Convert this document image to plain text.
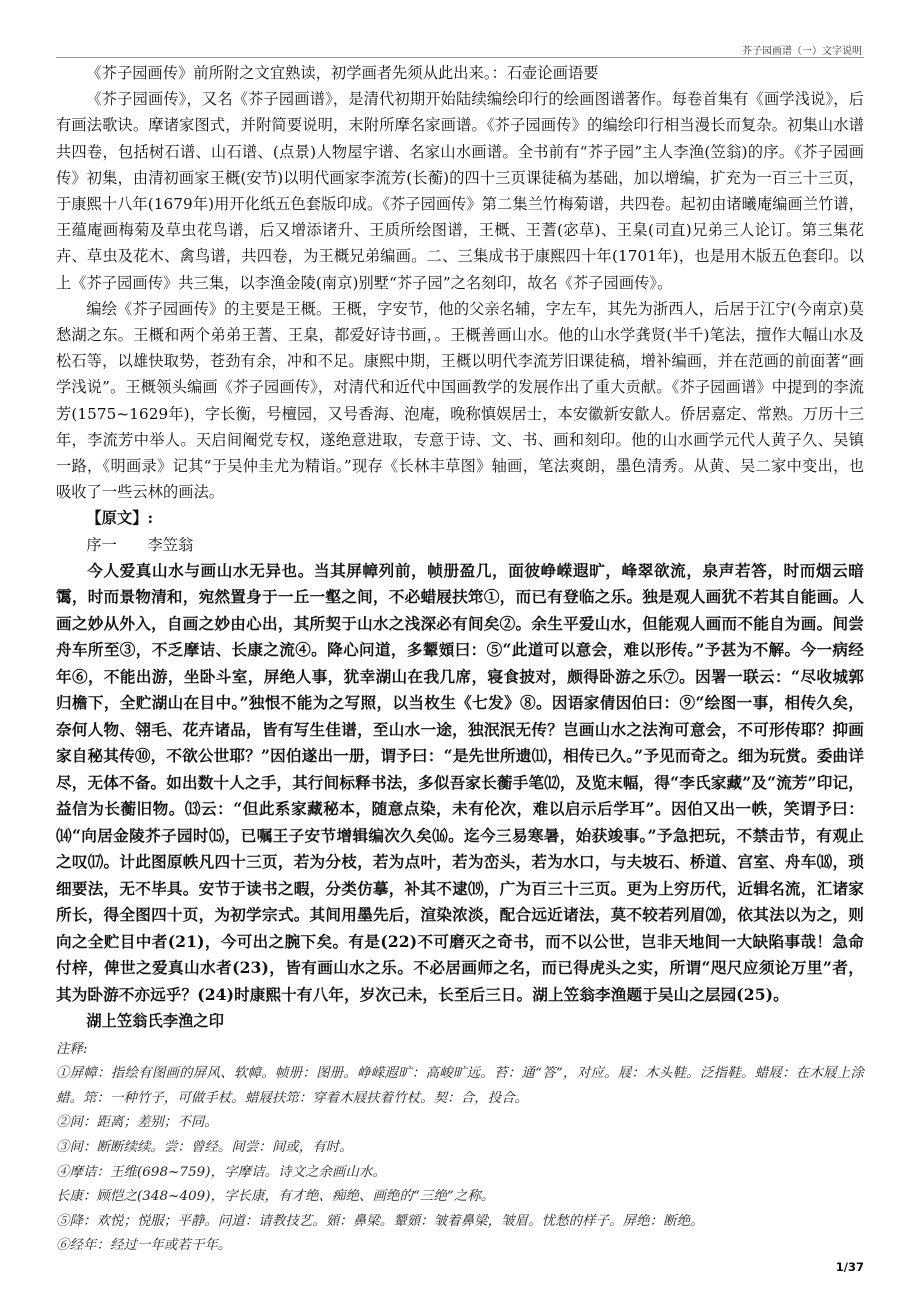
芥子园画谱（一）文字说明

《芥子园画传》前所附之文宜熟读，初学画者先须从此出来。：石壶论画语要

《芥子园画传》，又名《芥子园画谱》，是清代初期开始陆续编绘印行的绘画图谱著作。每卷首集有《画学浅说》，后有画法歌诀。摩诸家图式，并附简要说明，末附所摩名家画谱。《芥子园画传》的编绘印行相当漫长而复杂。初集山水谱共四卷，包括树石谱、山石谱、(点景)人物屋宇谱、名家山水画谱。全书前有“芥子园”主人李渔(笠翁)的序。《芥子园画传》初集，由清初画家王概(安节)以明代画家李流芳(长蘅)的四十三页课徒稿为基础，加以增编，扩充为一百三十三页，于康熙十八年(1679年)用开化纸五色套版印成。《芥子园画传》第二集兰竹梅菊谱，共四卷。起初由诸曦庵编画兰竹谱，王蕴庵画梅菊及草虫花鸟谱，后又增添诸升、王质所绘图谱，王概、王蓍(宓草)、王臬(司直)兄弟三人论订。第三集花卉、草虫及花木、禽鸟谱，共四卷，为王概兄弟编画。二、三集成书于康熙四十年(1701年)，也是用木版五色套印。以上《芥子园画传》共三集，以李渔金陵(南京)别墅“芥子园”之名刻印，故名《芥子园画传》。

编绘《芥子园画传》的主要是王概。王概，字安节，他的父亲名辅，字左车，其先为浙西人，后居于江宁(今南京)莫愁湖之东。王概和两个弟弟王蓍、王臬，都爱好诗书画，。王概善画山水。他的山水学龚贤(半千)笔法，擅作大幅山水及松石等，以雄快取势，苍劲有余，冲和不足。康熙中期，王概以明代李流芳旧课徒稿，增补编画，并在范画的前面著“画学浅说”。王概领头编画《芥子园画传》，对清代和近代中国画教学的发展作出了重大贡献。《芥子园画谱》中提到的李流芳(1575~1629年)，字长衡，号檀园，又号香海、泡庵，晚称慎娱居士，本安徽新安歙人。侨居嘉定、常熟。万历十三年，李流芳中举人。天启间阉党专权，遂绝意进取，专意于诗、文、书、画和刻印。他的山水画学元代人黄子久、吴镇一路，《明画录》记其“于吴仲圭尤为精诣。”现存《长林丰草图》轴画，笔法爽朗，墨色清秀。从黄、吴二家中变出，也吸收了一些云林的画法。

【原文】:

序一　　李笠翁

今人爱真山水与画山水无异也。当其屏幛列前，帧册盈几，面彼峥嵘遐旷，峰翠欲流，泉声若答，时而烟云暗霭，时而景物清和，宛然置身于一丘一壑之间，不必蜡屐扶筇①，而已有登临之乐。独是观人画犹不若其自能画。人画之妙从外入，自画之妙由心出，其所契于山水之浅深必有间矣②。余生平爱山水，但能观人画而不能自为画。间尝舟车所至③，不乏摩诘、长康之流④。降心问道，多颦頞曰：⑤“此道可以意会，难以形传。”予甚为不解。今一病经年⑥，不能出游，坐卧斗室，屏绝人事，犹幸湖山在我几席，寝食披对，颇得卧游之乐⑦。因署一联云：“尽收城郭归檐下，全贮湖山在目中。”独恨不能为之写照，以当枚生《七发》⑧。因语家倩因伯曰：⑨“绘图一事，相传久矣，奈何人物、翎毛、花卉诸品，皆有写生佳谱，至山水一途，独泯泯无传？岂画山水之法洵可意会，不可形传耶？抑画家自秘其传⑩，不欲公世耶？”因伯遂出一册，谓予曰：“是先世所遗⑾，相传已久。”予见而奇之。细为玩赏。委曲详尽，无体不备。如出数十人之手，其行间标释书法，多似吾家长蘅手笔⑿，及览末幅，得“李氏家藏”及“流芳”印记，益信为长蘅旧物。⒀云：“但此系家藏秘本，随意点染，未有伦次，难以启示后学耳”。因伯又出一帙，笑谓予曰：⒁“向居金陵芥子园时⒂，已嘱王子安节增辑编次久矣⒃。迄今三易寒暑，始获竣事。”予急把玩，不禁击节，有观止之叹⒄。计此图原帙凡四十三页，若为分枝，若为点叶，若为峦头，若为水口，与夫坡石、桥道、宫室、舟车⒅，琐细要法，无不毕具。安节于读书之暇，分类仿摹，补其不逮⒆，广为百三十三页。更为上穷历代，近辑名流，汇诸家所长，得全图四十页，为初学宗式。其间用墨先后，渲染浓淡，配合远近诸法，莫不较若列眉⒇，依其法以为之，则向之全贮目中者(21)，今可出之腕下矣。有是(22)不可磨灭之奇书，而不以公世，岂非天地间一大缺陷事哉！急命付梓，俾世之爱真山水者(23)，皆有画山水之乐。不必居画师之名，而已得虎头之实，所谓“咫尺应须论万里”者，其为卧游不亦远乎？(24)时康熙十有八年，岁次己未，长至后三日。湖上笠翁李渔题于吴山之层园(25)。

湖上笠翁氏李渔之印

注释:

①屏幛：指绘有图画的屏风、软幛。帧册：图册。峥嵘遐旷：高峻旷远。苔：通“答”，对应。屐：木头鞋。泛指鞋。蜡屐：在木屐上涂蜡。筇：一种竹子，可做手杖。蜡屐扶筇：穿着木屐扶着竹杖。契：合，投合。

②间：距离；差别；不同。

③间：断断续续。尝：曾经。间尝：间或，有时。

④摩诘：王维(698~759)，字摩诘。诗文之余画山水。

长康：顾恺之(348~409)，字长康，有才绝、痴绝、画绝的“三绝”之称。

⑤降：欢悦；悦服；平静。问道：请教技艺。頞：鼻梁。颦頞：皱着鼻梁，皱眉。忧愁的样子。屏绝：断绝。

⑥经年：经过一年或若干年。

1/37
